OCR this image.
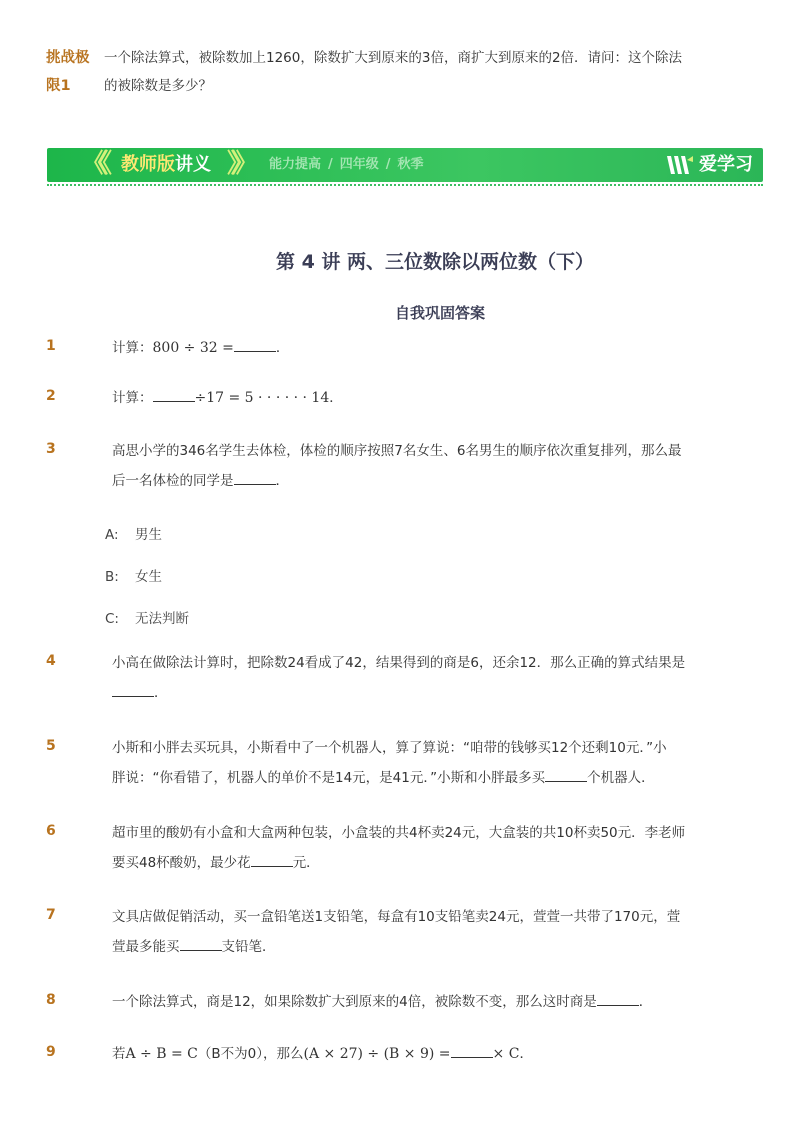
挑战极
限1
一个除法算式，被除数加上1260，除数扩大到原来的3倍，商扩大到原来的2倍．请问：这个除法
的被除数是多少？
《《 教师版讲义 》》 能力提高 / 四年级 / 秋季	爱学习
第 4 讲 两、三位数除以两位数（下）
自我巩固答案
1	计算：800 ÷ 32 =	．
2	计算：	÷17 = 5 · · · · · · 14．
3	高思小学的346名学生去体检，体检的顺序按照7名女生、6名男生的顺序依次重复排列，那么最
后一名体检的同学是	．
A: 男生
B: 女生
C: 无法判断
4	小高在做除法计算时，把除数24看成了42，结果得到的商是6，还余12．那么正确的算式结果是
．
5	小斯和小胖去买玩具，小斯看中了一个机器人，算了算说：“咱带的钱够买12个还剩10元．”小
胖说：“你看错了，机器人的单价不是14元，是41元．”小斯和小胖最多买	个机器人．
6	超市里的酸奶有小盒和大盒两种包装，小盒装的共4杯卖24元，大盒装的共10杯卖50元．李老师
要买48杯酸奶，最少花	元．
7	文具店做促销活动，买一盒铅笔送1支铅笔，每盒有10支铅笔卖24元，萱萱一共带了170元，萱
萱最多能买	支铅笔．
8	一个除法算式，商是12，如果除数扩大到原来的4倍，被除数不变，那么这时商是	．
9	若A ÷ B = C（B不为0），那么(A × 27) ÷ (B × 9) =	× C．
